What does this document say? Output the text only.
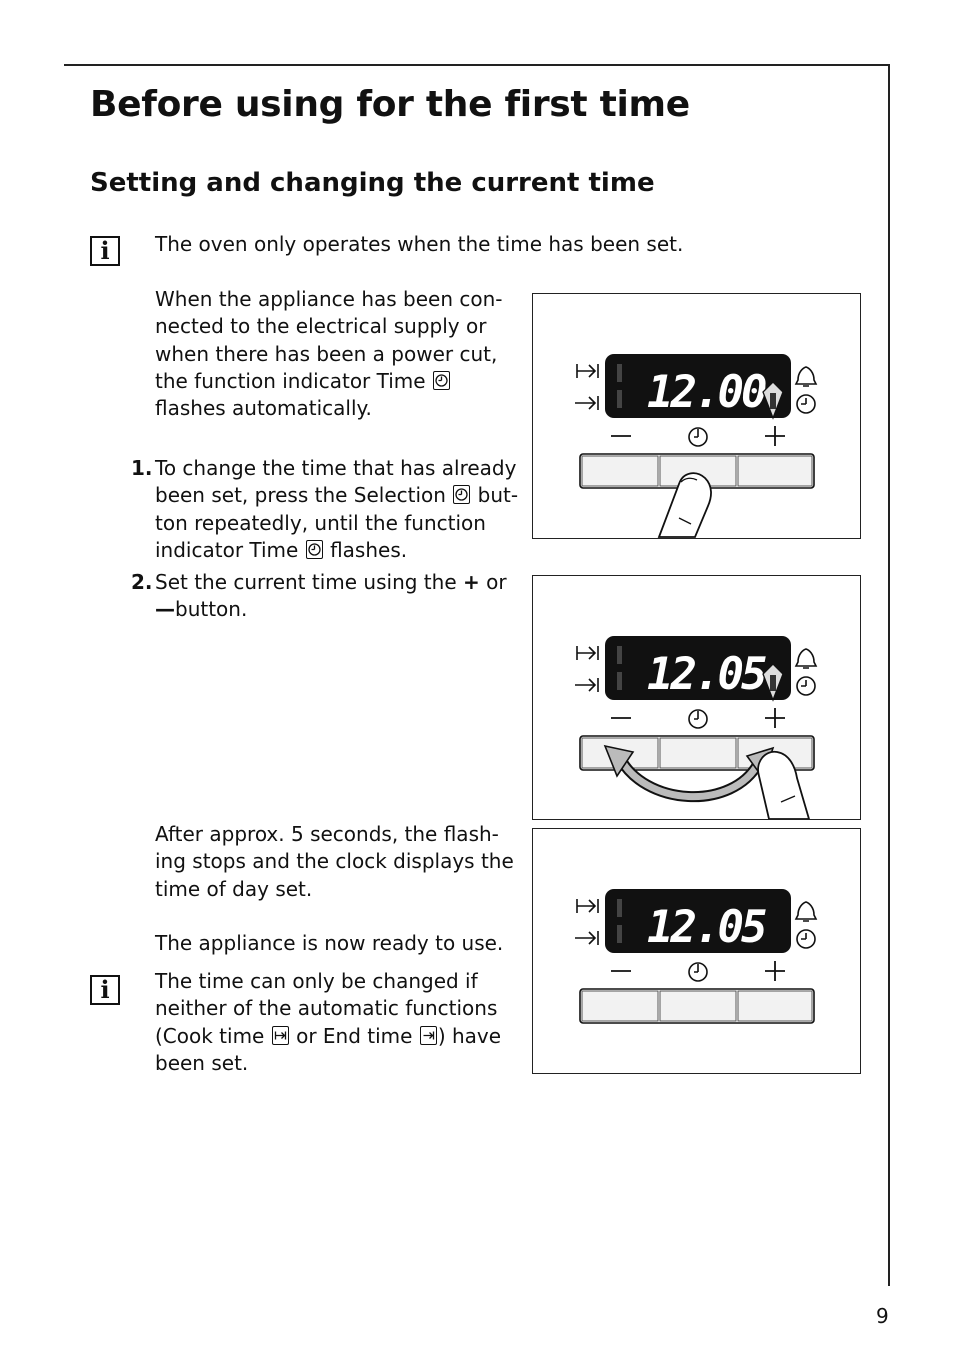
Before using for the first time
Setting and changing the current time
i	The oven only operates when the time has been set.
When the appliance has been con-
nected to the electrical supply or
when there has been a power cut,
the function indicator Time
flashes automatically.
1. To change the time that has already
been set, press the Selection but-
ton repeatedly, until the function
indicator Time flashes.
2. Set the current time using the + or
—button.
After approx. 5 seconds, the flash-
ing stops and the clock displays the
time of day set.
The appliance is now ready to use.
i	The time can only be changed if
neither of the automatic functions
(Cook time or End time ) have
been set.
12.00
12.05
12.05
9
